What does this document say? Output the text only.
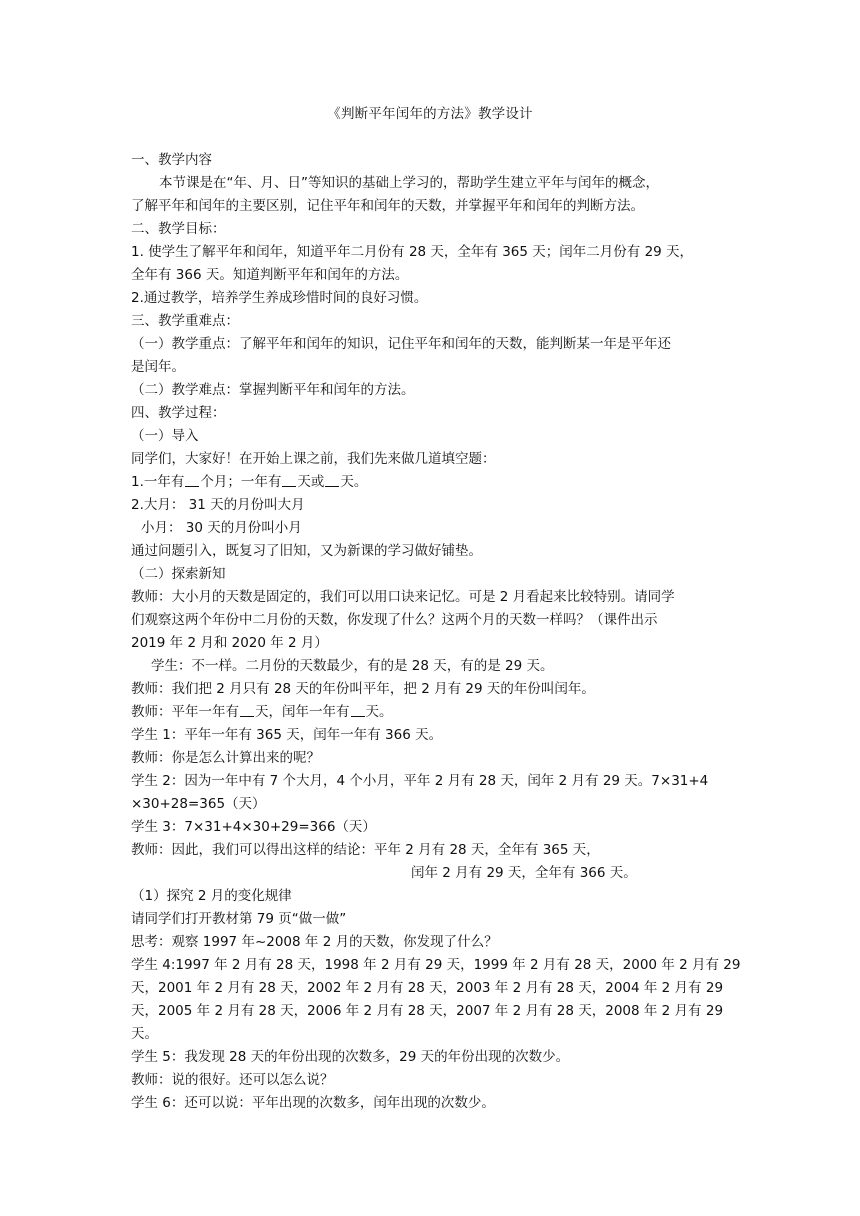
《判断平年闰年的方法》教学设计

一、教学内容

本节课是在“年、月、日”等知识的基础上学习的，帮助学生建立平年与闰年的概念，

了解平年和闰年的主要区别，记住平年和闰年的天数，并掌握平年和闰年的判断方法。

二、教学目标：

1. 使学生了解平年和闰年，知道平年二月份有 28 天，全年有 365 天；闰年二月份有 29 天，

全年有 366 天。知道判断平年和闰年的方法。

2.通过教学，培养学生养成珍惜时间的良好习惯。

三、教学重难点：

（一）教学重点：了解平年和闰年的知识，记住平年和闰年的天数，能判断某一年是平年还

是闰年。

（二）教学难点：掌握判断平年和闰年的方法。

四、教学过程：

（一）导入

同学们，大家好！在开始上课之前，我们先来做几道填空题：

1.一年有 个月；一年有 天或 天。

2.大月： 31 天的月份叫大月

小月： 30 天的月份叫小月

通过问题引入，既复习了旧知，又为新课的学习做好铺垫。

（二）探索新知

教师：大小月的天数是固定的，我们可以用口诀来记忆。可是 2 月看起来比较特别。请同学

们观察这两个年份中二月份的天数，你发现了什么？这两个月的天数一样吗？（课件出示

2019 年 2 月和 2020 年 2 月）

学生：不一样。二月份的天数最少，有的是 28 天，有的是 29 天。

教师：我们把 2 月只有 28 天的年份叫平年，把 2 月有 29 天的年份叫闰年。

教师：平年一年有 天，闰年一年有 天。

学生 1：平年一年有 365 天，闰年一年有 366 天。

教师：你是怎么计算出来的呢？

学生 2：因为一年中有 7 个大月，4 个小月，平年 2 月有 28 天，闰年 2 月有 29 天。7×31+4

×30+28=365（天）

学生 3：7×31+4×30+29=366（天）

教师：因此，我们可以得出这样的结论：平年 2 月有 28 天，全年有 365 天，

闰年 2 月有 29 天，全年有 366 天。

（1）探究 2 月的变化规律

请同学们打开教材第 79 页“做一做”

思考：观察 1997 年~2008 年 2 月的天数，你发现了什么？

学生 4:1997 年 2 月有 28 天，1998 年 2 月有 29 天，1999 年 2 月有 28 天，2000 年 2 月有 29

天，2001 年 2 月有 28 天，2002 年 2 月有 28 天，2003 年 2 月有 28 天，2004 年 2 月有 29

天，2005 年 2 月有 28 天，2006 年 2 月有 28 天，2007 年 2 月有 28 天，2008 年 2 月有 29

天。

学生 5：我发现 28 天的年份出现的次数多，29 天的年份出现的次数少。

教师：说的很好。还可以怎么说？

学生 6：还可以说：平年出现的次数多，闰年出现的次数少。
